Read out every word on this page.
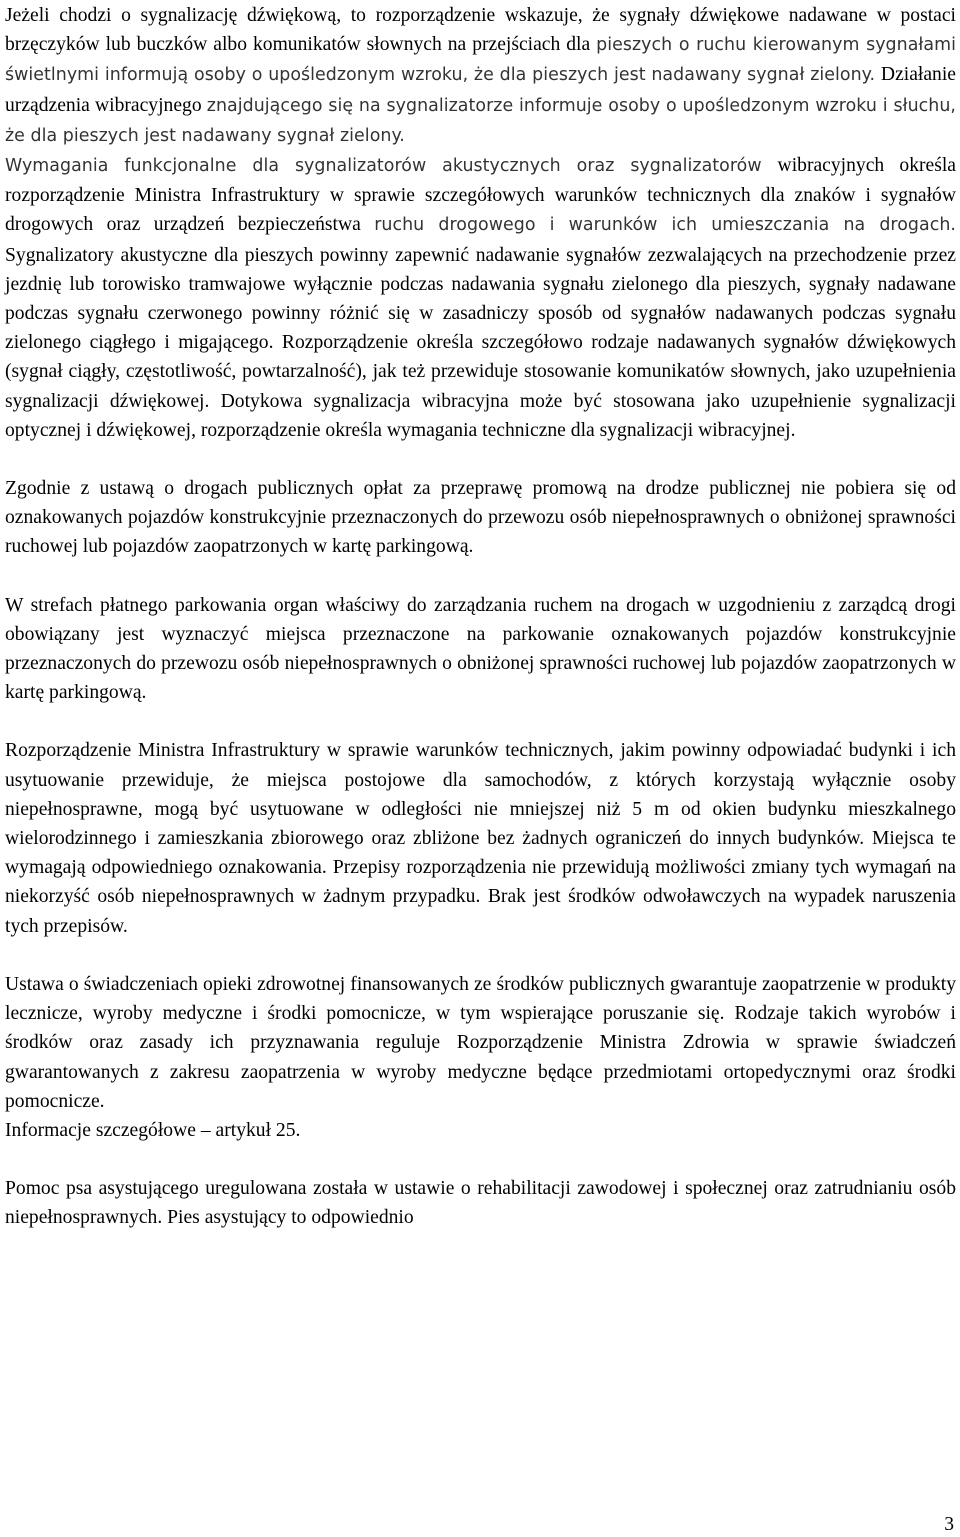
Jeżeli chodzi o sygnalizację dźwiękową, to rozporządzenie wskazuje, że sygnały dźwiękowe nadawane w postaci brzęczyków lub buczków albo komunikatów słownych na przejściach dla pieszych o ruchu kierowanym sygnałami świetlnymi informują osoby o upośledzonym wzroku, że dla pieszych jest nadawany sygnał zielony. Działanie urządzenia wibracyjnego znajdującego się na sygnalizatorze informuje osoby o upośledzonym wzroku i słuchu, że dla pieszych jest nadawany sygnał zielony.

Wymagania funkcjonalne dla sygnalizatorów akustycznych oraz sygnalizatorów wibracyjnych określa rozporządzenie Ministra Infrastruktury w sprawie szczegółowych warunków technicznych dla znaków i sygnałów drogowych oraz urządzeń bezpieczeństwa ruchu drogowego i warunków ich umieszczania na drogach. Sygnalizatory akustyczne dla pieszych powinny zapewnić nadawanie sygnałów zezwalających na przechodzenie przez jezdnię lub torowisko tramwajowe wyłącznie podczas nadawania sygnału zielonego dla pieszych, sygnały nadawane podczas sygnału czerwonego powinny różnić się w zasadniczy sposób od sygnałów nadawanych podczas sygnału zielonego ciągłego i migającego. Rozporządzenie określa szczegółowo rodzaje nadawanych sygnałów dźwiękowych (sygnał ciągły, częstotliwość, powtarzalność), jak też przewiduje stosowanie komunikatów słownych, jako uzupełnienia sygnalizacji dźwiękowej. Dotykowa sygnalizacja wibracyjna może być stosowana jako uzupełnienie sygnalizacji optycznej i dźwiękowej, rozporządzenie określa wymagania techniczne dla sygnalizacji wibracyjnej.

Zgodnie z ustawą o drogach publicznych opłat za przeprawę promową na drodze publicznej nie pobiera się od oznakowanych pojazdów konstrukcyjnie przeznaczonych do przewozu osób niepełnosprawnych o obniżonej sprawności ruchowej lub pojazdów zaopatrzonych w kartę parkingową.

W strefach płatnego parkowania organ właściwy do zarządzania ruchem na drogach w uzgodnieniu z zarządcą drogi obowiązany jest wyznaczyć miejsca przeznaczone na parkowanie oznakowanych pojazdów konstrukcyjnie przeznaczonych do przewozu osób niepełnosprawnych o obniżonej sprawności ruchowej lub pojazdów zaopatrzonych w kartę parkingową.

Rozporządzenie Ministra Infrastruktury w sprawie warunków technicznych, jakim powinny odpowiadać budynki i ich usytuowanie przewiduje, że miejsca postojowe dla samochodów, z których korzystają wyłącznie osoby niepełnosprawne, mogą być usytuowane w odległości nie mniejszej niż 5 m od okien budynku mieszkalnego wielorodzinnego i zamieszkania zbiorowego oraz zbliżone bez żadnych ograniczeń do innych budynków. Miejsca te wymagają odpowiedniego oznakowania. Przepisy rozporządzenia nie przewidują możliwości zmiany tych wymagań na niekorzyść osób niepełnosprawnych w żadnym przypadku. Brak jest środków odwoławczych na wypadek naruszenia tych przepisów.

Ustawa o świadczeniach opieki zdrowotnej finansowanych ze środków publicznych gwarantuje zaopatrzenie w produkty lecznicze, wyroby medyczne i środki pomocnicze, w tym wspierające poruszanie się. Rodzaje takich wyrobów i środków oraz zasady ich przyznawania reguluje Rozporządzenie Ministra Zdrowia w sprawie świadczeń gwarantowanych z zakresu zaopatrzenia w wyroby medyczne będące przedmiotami ortopedycznymi oraz środki pomocnicze.

Informacje szczegółowe – artykuł 25.

Pomoc psa asystującego uregulowana została w ustawie o rehabilitacji zawodowej i społecznej oraz zatrudnianiu osób niepełnosprawnych. Pies asystujący to odpowiednio

3
